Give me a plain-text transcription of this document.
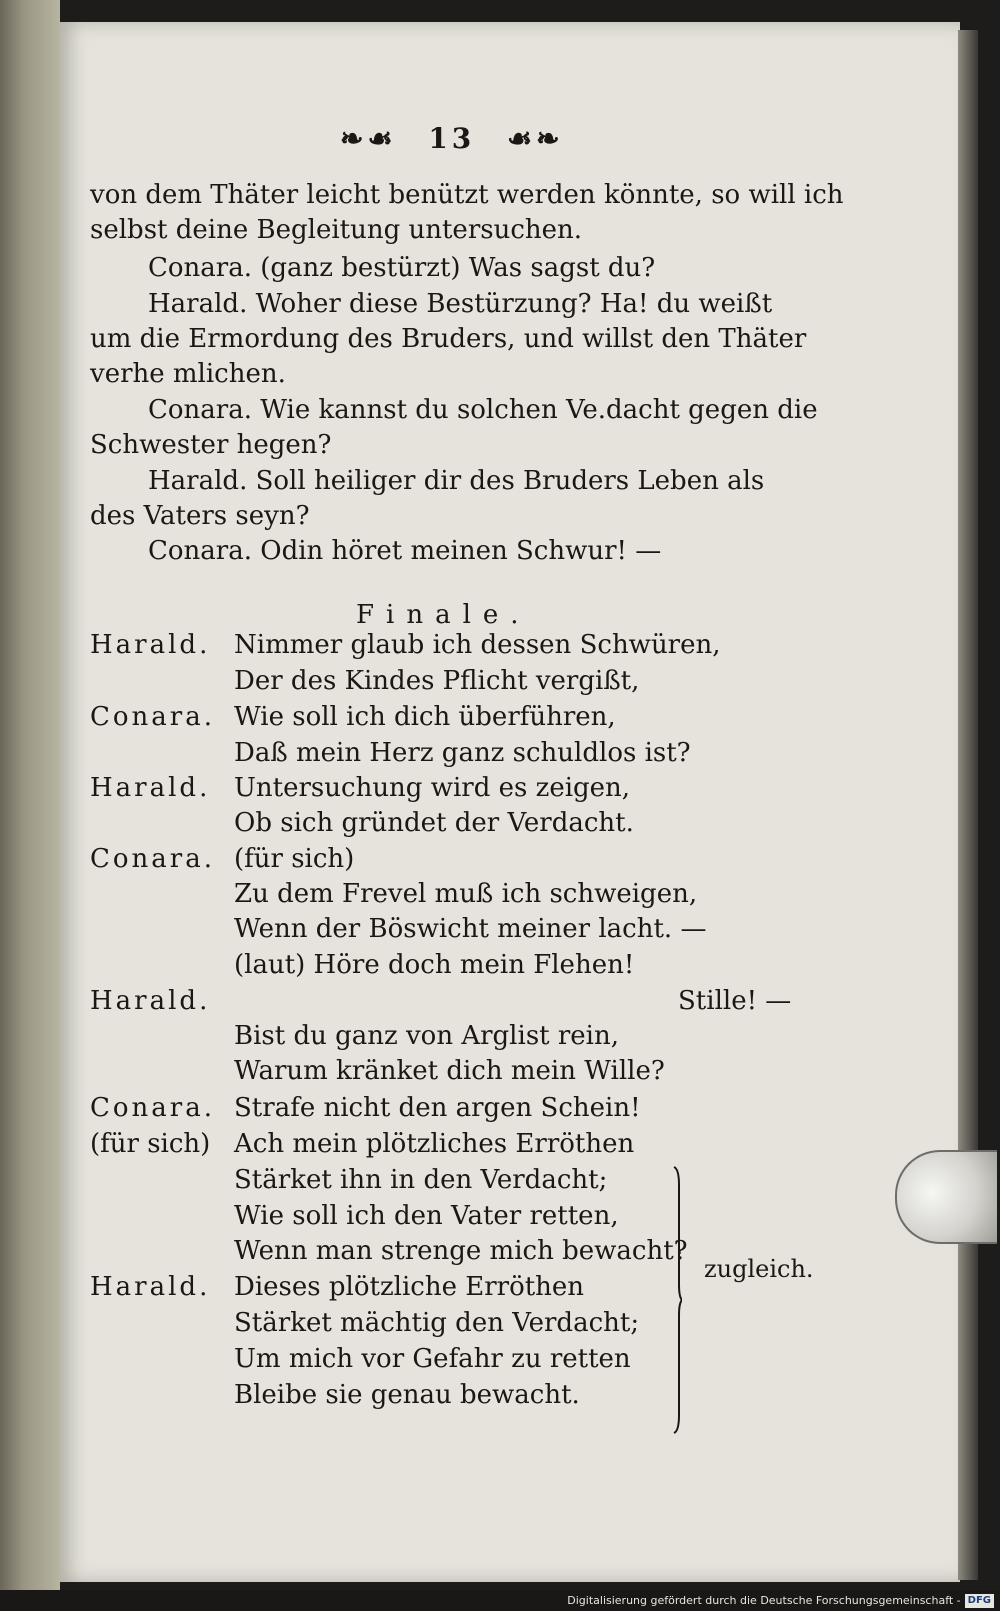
❧☙ 13 ☙❧
von dem Thäter leicht benützt werden könnte, so will ich
selbst deine Begleitung untersuchen.
Conara. (ganz bestürzt) Was sagst du?
Harald. Woher diese Bestürzung? Ha! du weißt
um die Ermordung des Bruders, und willst den Thäter
verhe mlichen.
Conara. Wie kannst du solchen Ve.dacht gegen die
Schwester hegen?
Harald. Soll heiliger dir des Bruders Leben als
des Vaters seyn?
Conara. Odin höret meinen Schwur! —
Finale.
Harald. Nimmer glaub ich dessen Schwüren,
Der des Kindes Pflicht vergißt,
Conara. Wie soll ich dich überführen,
Daß mein Herz ganz schuldlos ist?
Harald. Untersuchung wird es zeigen,
Ob sich gründet der Verdacht.
Conara. (für sich)
Zu dem Frevel muß ich schweigen,
Wenn der Böswicht meiner lacht. —
(laut) Höre doch mein Flehen!
Harald.	Stille! —
Bist du ganz von Arglist rein,
Warum kränket dich mein Wille?
Conara. Strafe nicht den argen Schein!
(für sich) Ach mein plötzliches Erröthen
Stärket ihn in den Verdacht;
Wie soll ich den Vater retten,
Wenn man strenge mich bewacht?
Harald. Dieses plötzliche Erröthen
Stärket mächtig den Verdacht;
Um mich vor Gefahr zu retten
Bleibe sie genau bewacht.
zugleich.
Digitalisierung gefördert durch die Deutsche Forschungsgemeinschaft - DFG
